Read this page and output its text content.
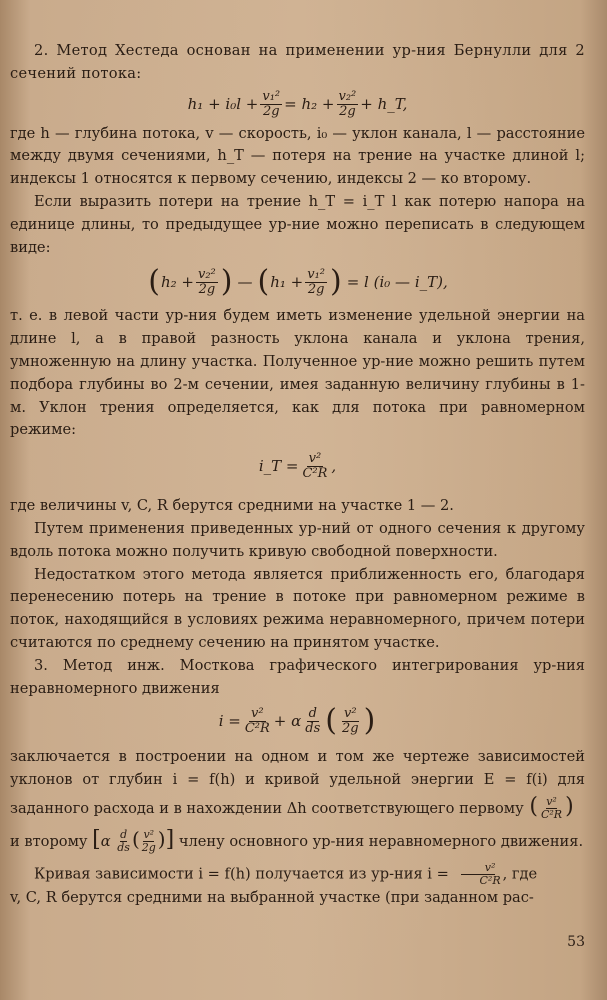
2. Метод Хестеда основан на применении ур-ния Бернулли для 2 сечений потока:

$h_1 + i_0l + \frac{\text{v₁²}}{2g} = h_2 + \frac{\text{v₂²}}{2g}$ + h_T,

где h — глубина потока, v — скорость, i₀ — уклон канала, l — расстояние между двумя сечениями, h_T — потеря на трение на участке длиной l; индексы 1 относятся к первому сечению, индексы 2 — ко второму.

Если выразить потери на трение h_T = i_T l как потерю напора на единице длины, то предыдущее ур-ние можно переписать в следующем виде:

( $h_2 + \frac{\text{v₂²}}{2g}$ ) — ( $h_1 + \frac{\text{v₁²}}{2g}$ ) = l (i₀ — i_T),

т. е. в левой части ур-ния будем иметь изменение удельной энергии на длине l, а в правой разность уклона канала и уклона трения, умноженную на длину участка. Полученное ур-ние можно решить путем подбора глубины во 2-м сечении, имея заданную величину глубины в 1-м. Уклон трения определяется, как для потока при равномерном режиме:

i_T = $\frac{\text{v²}}{\text{C²R}}$ ,

где величины v, C, R берутся средними на участке 1 — 2.

Путем применения приведенных ур-ний от одного сечения к другому вдоль потока можно получить кривую свободной поверхности.

Недостатком этого метода является приближенность его, благодаря перенесению потерь на трение в потоке при равномерном режиме в поток, находящийся в условиях режима неравномерного, причем потери считаются по среднему сечению на принятом участке.

3. Метод инж. Мосткова графического интегрирования ур-ния неравномерного движения

$i = \frac{\text{v²}}{\text{C²R}} + \alpha \frac{d}{ds}$ ( $\frac{\text{v²}}{2g}$ )

заключается в построении на одном и том же чертеже зависимостей уклонов от глубин i = f(h) и кривой удельной энергии E = f(i) для заданного расхода и в нахождении Δh соответствующего первому ( $\frac{\text{v²}}{\text{C²R}}$ )

и второму [$\alpha \frac{d}{ds}$ ( $\frac{\text{v²}}{2g}$ )] члену основного ур-ния неравномерного движения.

Кривая зависимости i = f(h) получается из ур-ния $i = \frac{\text{v²}}{\text{C²R}}$ , где

v, C, R берутся средними на выбранной участке (при заданном рас-

53
